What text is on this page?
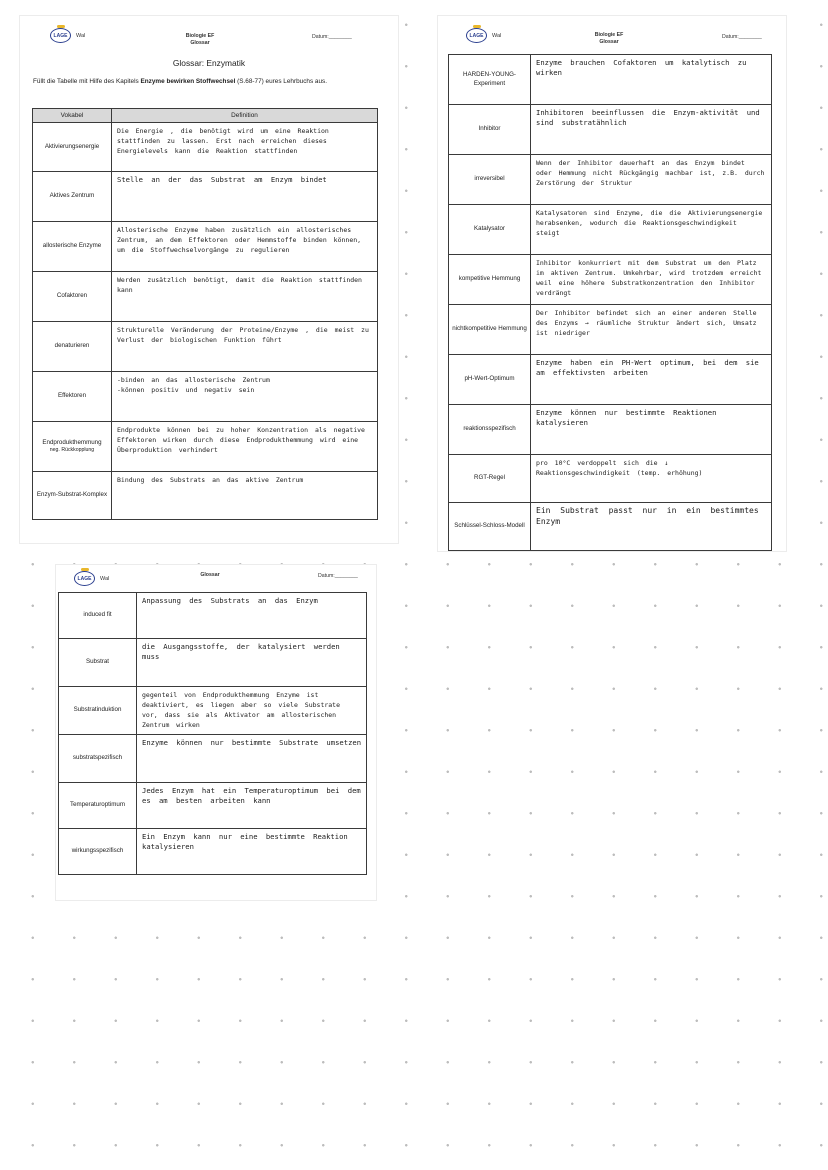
LAGE	Wal	Biologie EF
Glossar
Datum:________
Glossar: Enzymatik
Füllt die Tabelle mit Hilfe des Kapitels Enzyme bewirken Stoffwechsel (S.68-77) eures Lehrbuchs aus.
Vokabel	Definition
Aktivierungsenergie	Die Energie , die benötigt wird um eine Reaktion stattfinden zu lassen. Erst nach erreichen dieses Energielevels kann die Reaktion stattfinden

Aktives Zentrum	Stelle an der das Substrat am Enzym bindet

allosterische Enzyme	Allosterische Enzyme haben zusätzlich ein allosterisches Zentrum, an dem Effektoren oder Hemmstoffe binden können, um die Stoffwechselvorgänge zu regulieren

Cofaktoren	Werden zusätzlich benötigt, damit die Reaktion stattfinden kann

denaturieren	Strukturelle Veränderung der Proteine/Enzyme , die meist zu Verlust der biologischen Funktion führt

Effektoren	-binden an das allosterische Zentrum
-können positiv und negativ sein

Endprodukthemmung
neg. Rückkopplung	Endprodukte können bei zu hoher Konzentration als negative Effektoren wirken durch diese Endprodukthemmung wird eine Überproduktion verhindert

Enzym-Substrat-Komplex	Bindung des Substrats an das aktive Zentrum
LAGE	Wal	Biologie EF
Glossar
Datum:________
HARDEN-YOUNG-Experiment	Enzyme brauchen Cofaktoren um katalytisch zu wirken

Inhibitor	Inhibitoren beeinflussen die Enzym-aktivität und sind substratähnlich

irreversibel	Wenn der Inhibitor dauerhaft an das Enzym bindet oder Hemmung nicht Rückgängig machbar ist, z.B. durch Zerstörung der Struktur

Katalysator	Katalysatoren sind Enzyme, die die Aktivierungsenergie herabsenken, wodurch die Reaktionsgeschwindigkeit steigt

kompetitive Hemmung	Inhibitor konkurriert mit dem Substrat um den Platz im aktiven Zentrum. Umkehrbar, wird trotzdem erreicht weil eine höhere Substratkonzentration den Inhibitor verdrängt

nichtkompetitive Hemmung	Der Inhibitor befindet sich an einer anderen Stelle des Enzyms → räumliche Struktur ändert sich, Umsatz ist niedriger

pH-Wert-Optimum	Enzyme haben ein PH-Wert optimum, bei dem sie am effektivsten arbeiten

reaktionsspezifisch	Enzyme können nur bestimmte Reaktionen katalysieren

RGT-Regel	pro 10°C verdoppelt sich die ↓ Reaktionsgeschwindigkeit (temp. erhöhung)

Schlüssel-Schloss-Modell	Ein Substrat passt nur in ein bestimmtes Enzym
LAGE	Wal
Glossar	Datum:________
induced fit	Anpassung des Substrats an das Enzym

Substrat	die Ausgangsstoffe, der katalysiert werden muss

Substratinduktion	gegenteil von Endprodukthemmung Enzyme ist deaktiviert, es liegen aber so viele Substrate vor, dass sie als Aktivator am allosterischen Zentrum wirken

substratspezifisch	Enzyme können nur bestimmte Substrate umsetzen

Temperaturoptimum	Jedes Enzym hat ein Temperaturoptimum bei dem es am besten arbeiten kann

wirkungsspezifisch	Ein Enzym kann nur eine bestimmte Reaktion katalysieren
